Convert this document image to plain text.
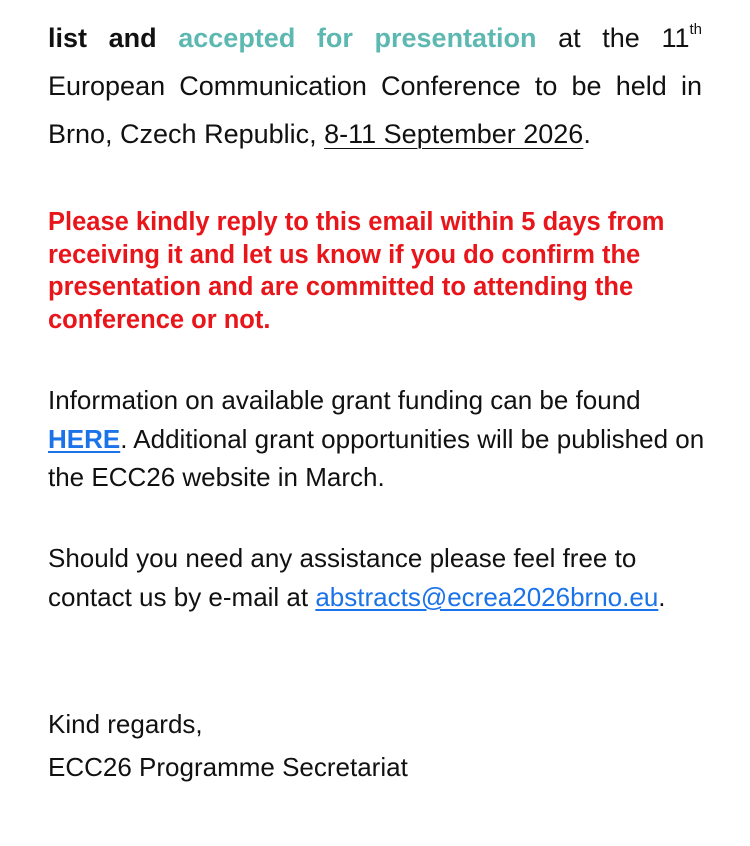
list and accepted for presentation at the 11th European Communication Conference to be held in Brno, Czech Republic, 8-11 September 2026.
Please kindly reply to this email within 5 days from receiving it and let us know if you do confirm the presentation and are committed to attending the conference or not.
Information on available grant funding can be found HERE. Additional grant opportunities will be published on the ECC26 website in March.
Should you need any assistance please feel free to contact us by e-mail at abstracts@ecrea2026brno.eu.
Kind regards,
ECC26 Programme Secretariat
